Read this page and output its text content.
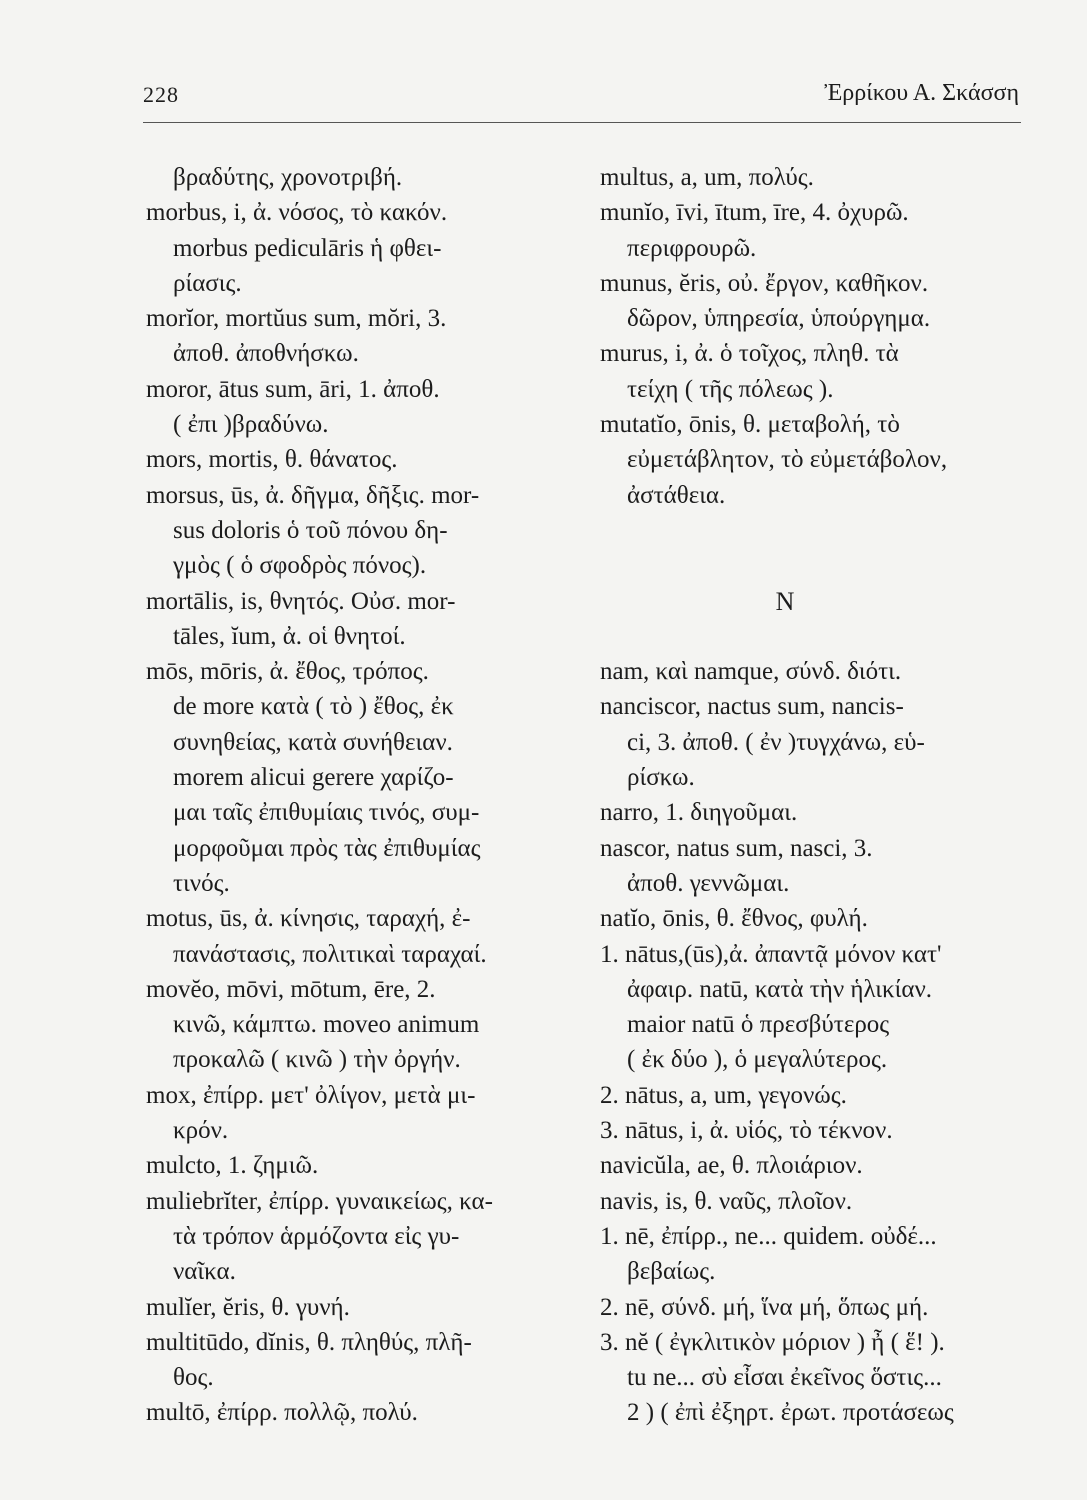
228	Ἐρρίκου Α. Σκάσση
βραδύτης, χρονοτριβή.
morbus, i, ἀ. νόσος, τὸ κακόν.
morbus pediculāris ἡ φθει-
ρίασις.
morĭor, mortŭus sum, mŏri, 3.
ἀποθ. ἀποθνήσκω.
moror, ātus sum, āri, 1. ἀποθ.
( ἐπι )βραδύνω.
mors, mortis, θ. θάνατος.
morsus, ūs, ἀ. δῆγμα, δῆξις. mor-
sus doloris ὁ τοῦ πόνου δη-
γμὸς ( ὁ σφοδρὸς πόνος).
mortālis, is, θνητός. Οὐσ. mor-
tāles, ĭum, ἀ. οἱ θνητοί.
mōs, mōris, ἀ. ἔθος, τρόπος.
de more κατὰ ( τὸ ) ἔθος, ἐκ
συνηθείας, κατὰ συνήθειαν.
morem alicui gerere χαρίζο-
μαι ταῖς ἐπιθυμίαις τινός, συμ-
μορφοῦμαι πρὸς τὰς ἐπιθυμίας
τινός.
motus, ūs, ἀ. κίνησις, ταραχή, ἐ-
πανάστασις, πολιτικαὶ ταραχαί.
movĕo, mōvi, mōtum, ēre, 2.
κινῶ, κάμπτω. moveo animum
προκαλῶ ( κινῶ ) τὴν ὀργήν.
mox, ἐπίρρ. μετ' ὀλίγον, μετὰ μι-
κρόν.
mulcto, 1. ζημιῶ.
muliebrĭter, ἐπίρρ. γυναικείως, κα-
τὰ τρόπον ἁρμόζοντα εἰς γυ-
ναῖκα.
mulĭer, ĕris, θ. γυνή.
multitūdo, dĭnis, θ. πληθύς, πλῆ-
θος.
multō, ἐπίρρ. πολλῷ, πολύ.
multus, a, um, πολύς.
munĭo, īvi, ītum, īre, 4. ὀχυρῶ.
περιφρουρῶ.
munus, ĕris, οὐ. ἔργον, καθῆκον.
δῶρον, ὑπηρεσία, ὑπούργημα.
murus, i, ἀ. ὁ τοῖχος, πληθ. τὰ
τείχη ( τῆς πόλεως ).
mutatĭo, ōnis, θ. μεταβολή, τὸ
εὐμετάβλητον, τὸ εὐμετάβολον,
ἀστάθεια.
N
nam, καὶ namque, σύνδ. διότι.
nanciscor, nactus sum, nancis-
ci, 3. ἀποθ. ( ἐν )τυγχάνω, εὑ-
ρίσκω.
narro, 1. διηγοῦμαι.
nascor, natus sum, nasci, 3.
ἀποθ. γεννῶμαι.
natĭo, ōnis, θ. ἔθνος, φυλή.
1. nātus,(ūs),ἀ. ἀπαντᾷ μόνον κατ'
ἀφαιρ. natū, κατὰ τὴν ἡλικίαν.
maior natū ὁ πρεσβύτερος
( ἐκ δύο ), ὁ μεγαλύτερος.
2. nātus, a, um, γεγονώς.
3. nātus, i, ἀ. υἱός, τὸ τέκνον.
navicŭla, ae, θ. πλοιάριον.
navis, is, θ. ναῦς, πλοῖον.
1. nē, ἐπίρρ., ne... quidem. οὐδέ...
βεβαίως.
2. nē, σύνδ. μή, ἵνα μή, ὅπως μή.
3. nĕ ( ἐγκλιτικὸν μόριον ) ἦ ( ἕ! ).
tu ne... σὺ εἶσαι ἐκεῖνος ὅστις...
2 ) ( ἐπὶ ἐξηρτ. ἐρωτ. προτάσεως
